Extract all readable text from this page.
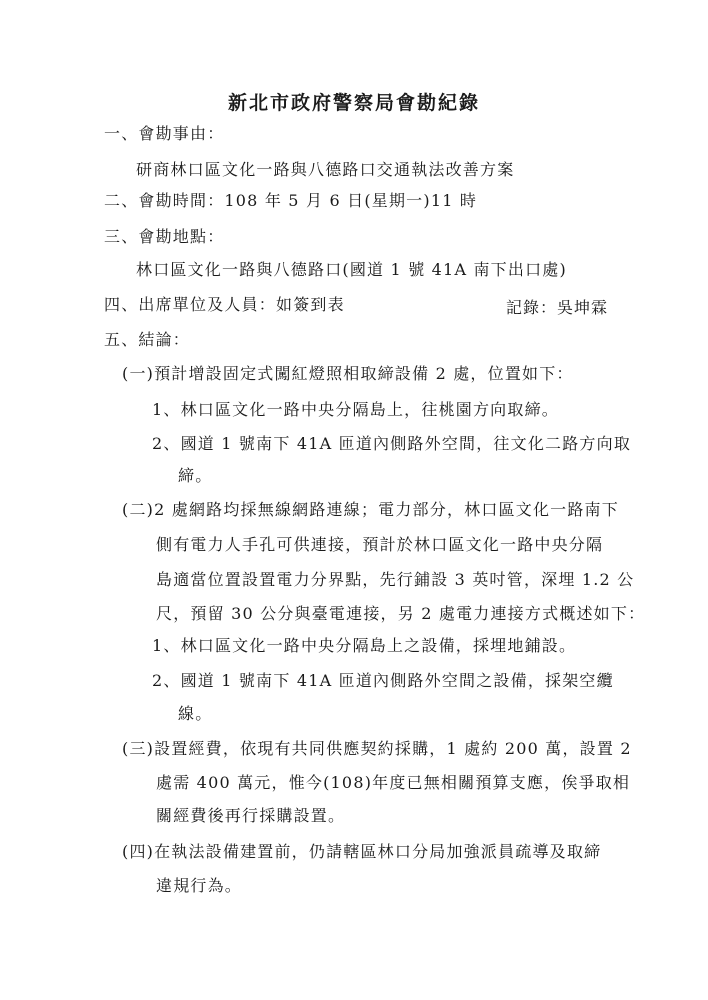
新北市政府警察局會勘紀錄
一、會勘事由：
研商林口區文化一路與八德路口交通執法改善方案
二、會勘時間：108 年 5 月 6 日(星期一)11 時
三、會勘地點：
林口區文化一路與八德路口(國道 1 號 41A 南下出口處)
四、出席單位及人員：如簽到表	記錄：吳坤霖
五、結論：
(一)預計增設固定式闖紅燈照相取締設備 2 處，位置如下：
1、林口區文化一路中央分隔島上，往桃園方向取締。
2、國道 1 號南下 41A 匝道內側路外空間，往文化二路方向取
締。
(二)2 處網路均採無線網路連線；電力部分，林口區文化一路南下
側有電力人手孔可供連接，預計於林口區文化一路中央分隔
島適當位置設置電力分界點，先行鋪設 3 英吋管，深埋 1.2 公
尺，預留 30 公分與臺電連接，另 2 處電力連接方式概述如下：
1、林口區文化一路中央分隔島上之設備，採埋地鋪設。
2、國道 1 號南下 41A 匝道內側路外空間之設備，採架空纜
線。
(三)設置經費，依現有共同供應契約採購，1 處約 200 萬，設置 2
處需 400 萬元，惟今(108)年度已無相關預算支應，俟爭取相
關經費後再行採購設置。
(四)在執法設備建置前，仍請轄區林口分局加強派員疏導及取締
違規行為。
